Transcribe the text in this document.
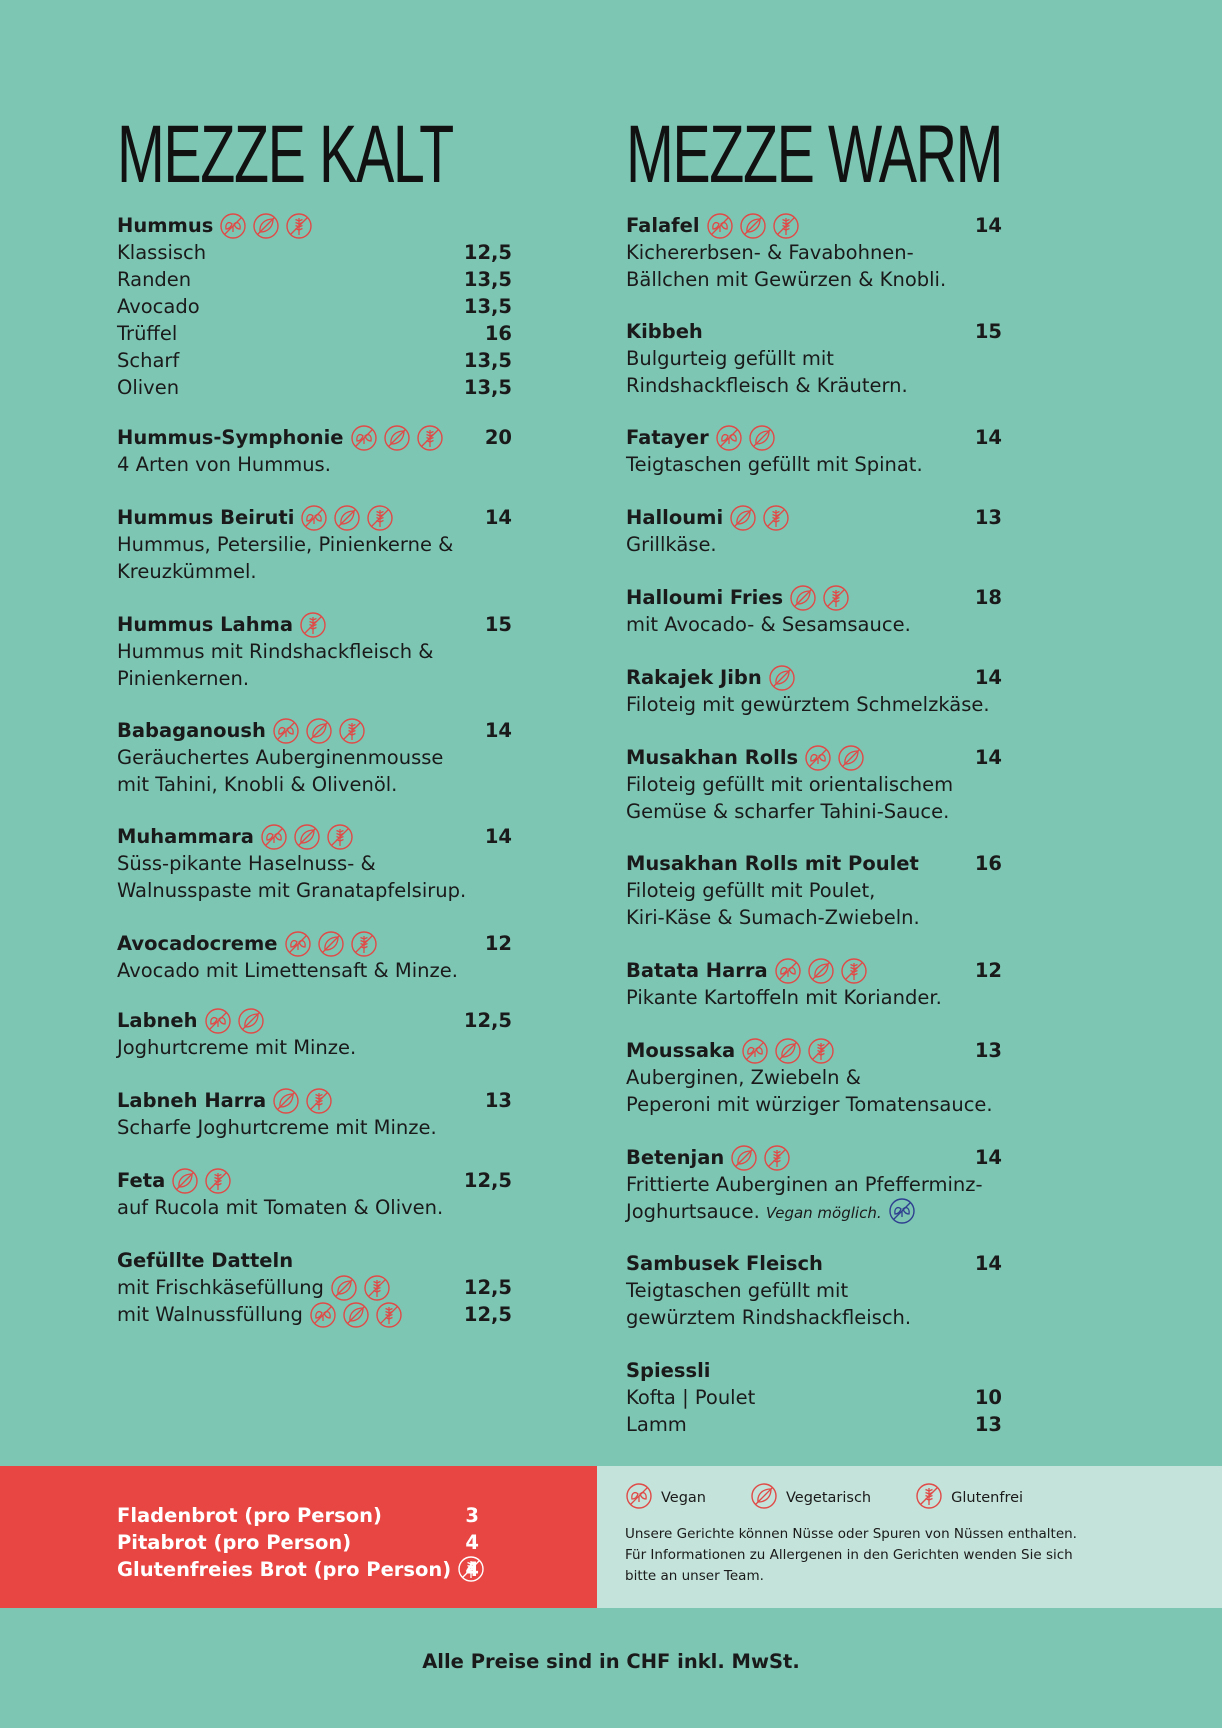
MEZZE KALT
Hummus
Klassisch	12,5
Randen	13,5
Avocado	13,5
Trüffel	16
Scharf	13,5
Oliven	13,5
Hummus-Symphonie	20
4 Arten von Hummus.
Hummus Beiruti	14
Hummus, Petersilie, Pinienkerne &
Kreuzkümmel.
Hummus Lahma	15
Hummus mit Rindshackfleisch &
Pinienkernen.
Babaganoush	14
Geräuchertes Auberginenmousse
mit Tahini, Knobli & Olivenöl.
Muhammara	14
Süss-pikante Haselnuss- &
Walnusspaste mit Granatapfelsirup.
Avocadocreme	12
Avocado mit Limettensaft & Minze.
Labneh	12,5
Joghurtcreme mit Minze.
Labneh Harra	13
Scharfe Joghurtcreme mit Minze.
Feta	12,5
auf Rucola mit Tomaten & Oliven.
Gefüllte Datteln
mit Frischkäsefüllung	12,5
mit Walnussfüllung	12,5
MEZZE WARM
Falafel	14
Kichererbsen- & Favabohnen-
Bällchen mit Gewürzen & Knobli.
Kibbeh	15
Bulgurteig gefüllt mit
Rindshackfleisch & Kräutern.
Fatayer	14
Teigtaschen gefüllt mit Spinat.
Halloumi	13
Grillkäse.
Halloumi Fries	18
mit Avocado- & Sesamsauce.
Rakajek Jibn	14
Filoteig mit gewürztem Schmelzkäse.
Musakhan Rolls	14
Filoteig gefüllt mit orientalischem
Gemüse & scharfer Tahini-Sauce.
Musakhan Rolls mit Poulet	16
Filoteig gefüllt mit Poulet,
Kiri-Käse & Sumach-Zwiebeln.
Batata Harra	12
Pikante Kartoffeln mit Koriander.
Moussaka	13
Auberginen, Zwiebeln &
Peperoni mit würziger Tomatensauce.
Betenjan	14
Frittierte Auberginen an Pfefferminz-
Joghurtsauce. Vegan möglich.
Sambusek Fleisch	14
Teigtaschen gefüllt mit
gewürztem Rindshackfleisch.
Spiessli
Kofta | Poulet	10
Lamm	13
Fladenbrot (pro Person)	3
Pitabrot (pro Person)	4
Glutenfreies Brot (pro Person) 4
Vegan	Vegetarisch	Glutenfrei
Unsere Gerichte können Nüsse oder Spuren von Nüssen enthalten.
Für Informationen zu Allergenen in den Gerichten wenden Sie sich
bitte an unser Team.
Alle Preise sind in CHF inkl. MwSt.
